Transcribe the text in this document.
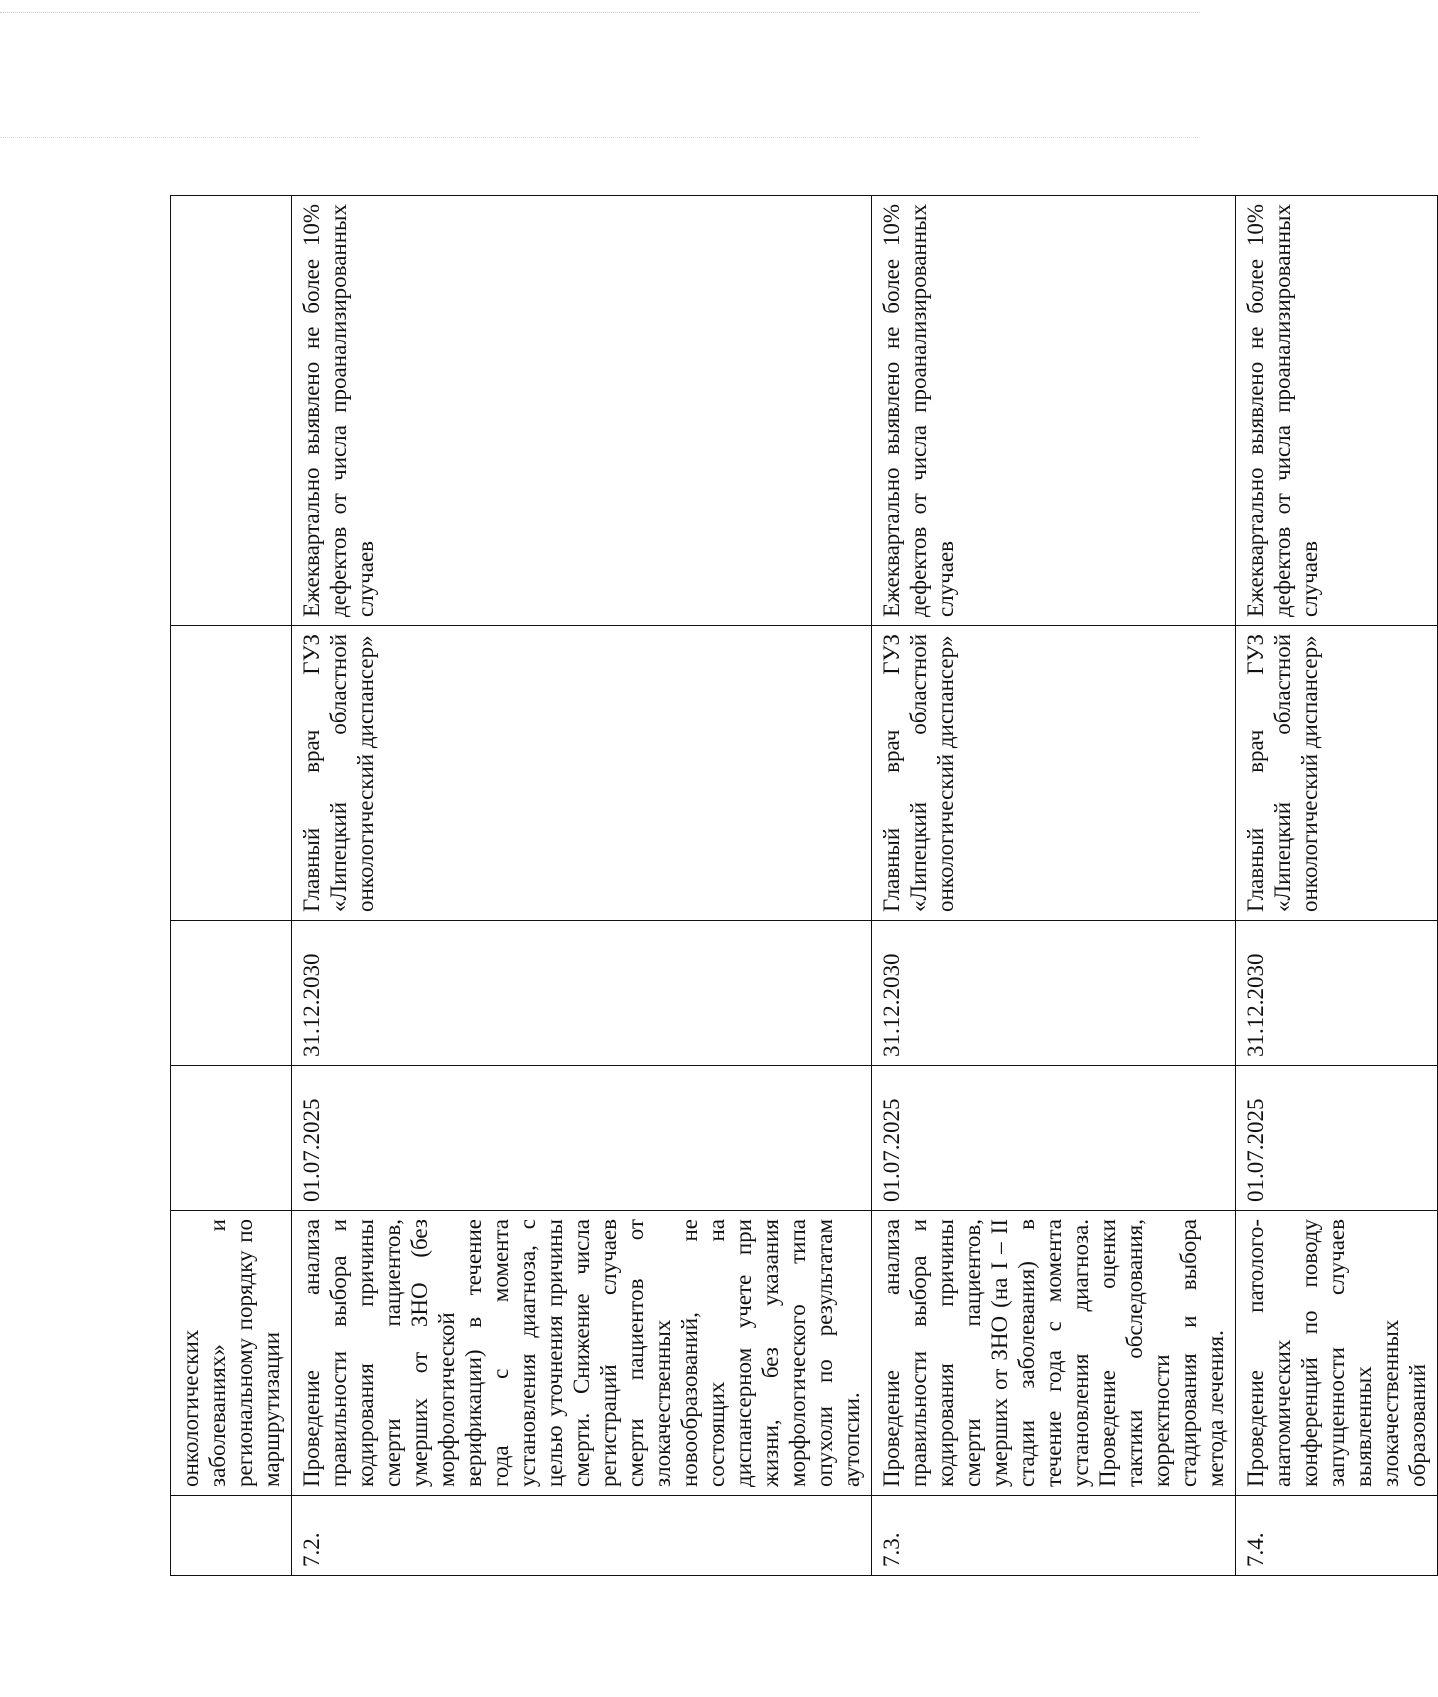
	онкологических заболеваниях» и региональному порядку по маршрутизации				
7.2.	Проведение анализа правильности выбора и кодирования причины смерти пациентов, умерших от ЗНО (без морфологической верификации) в течение года с момента установления диагноза, с целью уточнения причины смерти. Снижение числа регистраций случаев смерти пациентов от злокачественных новообразований, не состоящих на диспансерном учете при жизни, без указания морфологического типа опухоли по результатам аутопсии.	01.07.2025	31.12.2030	Главный врач ГУЗ «Липецкий областной онкологический диспансер»	Ежеквартально выявлено не более 10% дефектов от числа проанализированных случаев
7.3.	Проведение анализа правильности выбора и кодирования причины смерти пациентов, умерших от ЗНО (на I – II стадии заболевания) в течение года с момента установления диагноза. Проведение оценки тактики обследования, корректности стадирования и выбора метода лечения.	01.07.2025	31.12.2030	Главный врач ГУЗ «Липецкий областной онкологический диспансер»	Ежеквартально выявлено не более 10% дефектов от числа проанализированных случаев
7.4.	Проведение патолого-анатомических конференций по поводу запущенности случаев выявленных злокачественных образований	01.07.2025	31.12.2030	Главный врач ГУЗ «Липецкий областной онкологический диспансер»	Ежеквартально выявлено не более 10% дефектов от числа проанализированных случаев
